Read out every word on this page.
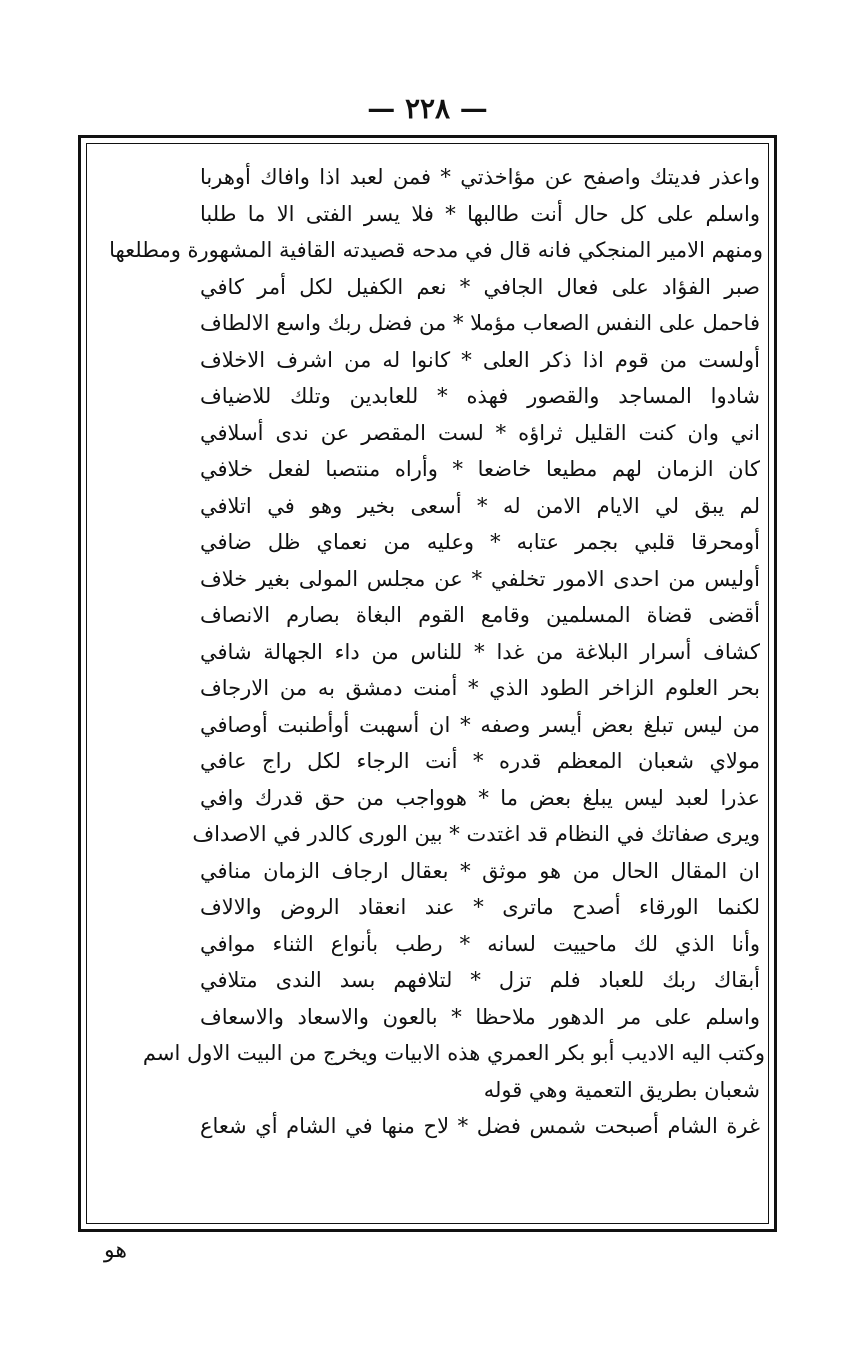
— ٢٢٨ —
واعذر فديتك واصفح عن مؤاخذتي * فمن لعبد اذا وافاك أوهربا
واسلم على كل حال أنت طالبها * فلا يسر الفتى الا ما طلبا
ومنهم الامير المنجكي فانه قال في مدحه قصيدته القافية المشهورة ومطلعها
صبر الفؤاد على فعال الجافي * نعم الكفيل لكل أمر كافي
فاحمل على النفس الصعاب مؤملا * من فضل ربك واسع الالطاف
أولست من قوم اذا ذكر العلى * كانوا له من اشرف الاخلاف
شادوا المساجد والقصور فهذه * للعابدين وتلك للاضياف
اني وان كنت القليل ثراؤه * لست المقصر عن ندى أسلافي
كان الزمان لهم مطيعا خاضعا * وأراه منتصبا لفعل خلافي
لم يبق لي الايام الامن له * أسعى بخير وهو في اتلافي
أومحرقا قلبي بجمر عتابه * وعليه من نعماي ظل ضافي
أوليس من احدى الامور تخلفي * عن مجلس المولى بغير خلاف
أقضى قضاة المسلمين وقامع القوم البغاة بصارم الانصاف
كشاف أسرار البلاغة من غدا * للناس من داء الجهالة شافي
بحر العلوم الزاخر الطود الذي * أمنت دمشق به من الارجاف
من ليس تبلغ بعض أيسر وصفه * ان أسهبت أوأطنبت أوصافي
مولاي شعبان المعظم قدره * أنت الرجاء لكل راج عافي
عذرا لعبد ليس يبلغ بعض ما * هوواجب من حق قدرك وافي
ويرى صفاتك في النظام قد اغتدت * بين الورى كالدر في الاصداف
ان المقال الحال من هو موثق * بعقال ارجاف الزمان منافي
لكنما الورقاء أصدح ماترى * عند انعقاد الروض والالاف
وأنا الذي لك ماحييت لسانه * رطب بأنواع الثناء موافي
أبقاك ربك للعباد فلم تزل * لتلافهم بسد الندى متلافي
واسلم على مر الدهور ملاحظا * بالعون والاسعاد والاسعاف
وكتب اليه الاديب أبو بكر العمري هذه الابيات ويخرج من البيت الاول اسم
شعبان بطريق التعمية وهي قوله
غرة الشام أصبحت شمس فضل * لاح منها في الشام أي شعاع
هو
